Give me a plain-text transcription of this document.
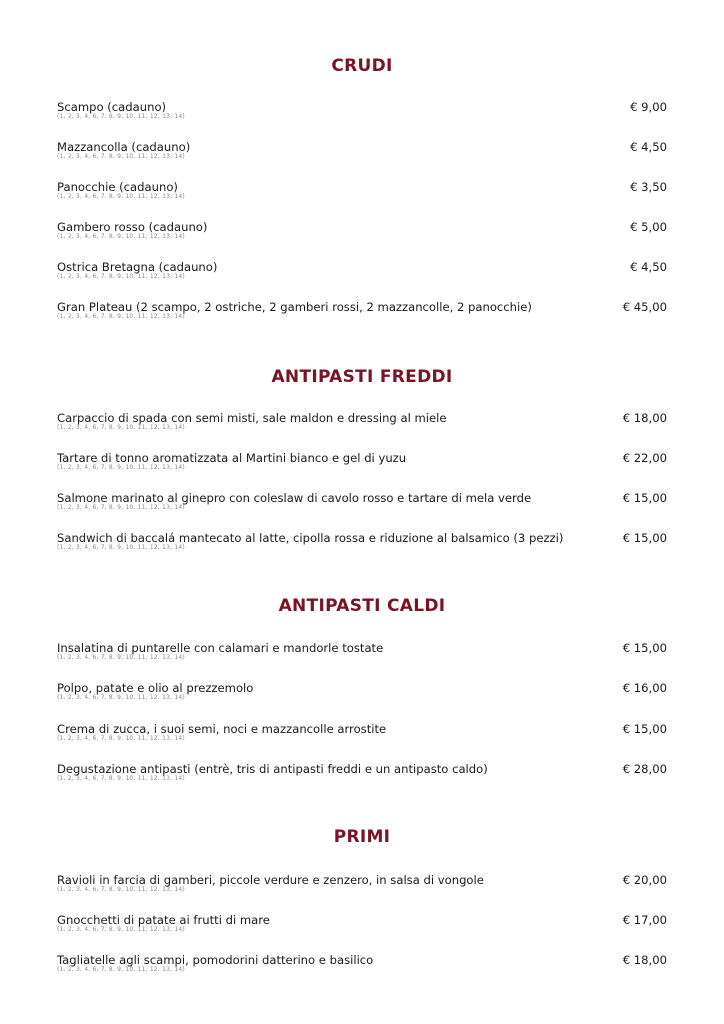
CRUDI
Scampo (cadauno)
(1, 2, 3, 4, 6, 7, 8, 9, 10, 11, 12, 13, 14)
€ 9,00
Mazzancolla (cadauno)
(1, 2, 3, 4, 6, 7, 8, 9, 10, 11, 12, 13, 14)
€ 4,50
Panocchie (cadauno)
(1, 2, 3, 4, 6, 7, 8, 9, 10, 11, 12, 13, 14)
€ 3,50
Gambero rosso (cadauno)
(1, 2, 3, 4, 6, 7, 8, 9, 10, 11, 12, 13, 14)
€ 5,00
Ostrica Bretagna (cadauno)
(1, 2, 3, 4, 6, 7, 8, 9, 10, 11, 12, 13, 14)
€ 4,50
Gran Plateau (2 scampo, 2 ostriche, 2 gamberi rossi, 2 mazzancolle, 2 panocchie)
(1, 2, 3, 4, 6, 7, 8, 9, 10, 11, 12, 13, 14)
€ 45,00
ANTIPASTI FREDDI
Carpaccio di spada con semi misti, sale maldon e dressing al miele
(1, 2, 3, 4, 6, 7, 8, 9, 10, 11, 12, 13, 14)
€ 18,00
Tartare di tonno aromatizzata al Martini bianco e gel di yuzu
(1, 2, 3, 4, 6, 7, 8, 9, 10, 11, 12, 13, 14)
€ 22,00
Salmone marinato al ginepro con coleslaw di cavolo rosso e tartare di mela verde
(1, 2, 3, 4, 6, 7, 8, 9, 10, 11, 12, 13, 14)
€ 15,00
Sandwich di baccalá mantecato al latte, cipolla rossa e riduzione al balsamico (3 pezzi)
(1, 2, 3, 4, 6, 7, 8, 9, 10, 11, 12, 13, 14)
€ 15,00
ANTIPASTI CALDI
Insalatina di puntarelle con calamari e mandorle tostate
(1, 2, 3, 4, 6, 7, 8, 9, 10, 11, 12, 13, 14)
€ 15,00
Polpo, patate e olio al prezzemolo
(1, 2, 3, 4, 6, 7, 8, 9, 10, 11, 12, 13, 14)
€ 16,00
Crema di zucca, i suoi semi, noci e mazzancolle arrostite
(1, 2, 3, 4, 6, 7, 8, 9, 10, 11, 12, 13, 14)
€ 15,00
Degustazione antipasti (entrè, tris di antipasti freddi e un antipasto caldo)
(1, 2, 3, 4, 6, 7, 8, 9, 10, 11, 12, 13, 14)
€ 28,00
PRIMI
Ravioli in farcia di gamberi, piccole verdure e zenzero, in salsa di vongole
(1, 2, 3, 4, 6, 7, 8, 9, 10, 11, 12, 13, 14)
€ 20,00
Gnocchetti di patate ai frutti di mare
(1, 2, 3, 4, 6, 7, 8, 9, 10, 11, 12, 13, 14)
€ 17,00
Tagliatelle agli scampi, pomodorini datterino e basilico
(1, 2, 3, 4, 6, 7, 8, 9, 10, 11, 12, 13, 14)
€ 18,00
